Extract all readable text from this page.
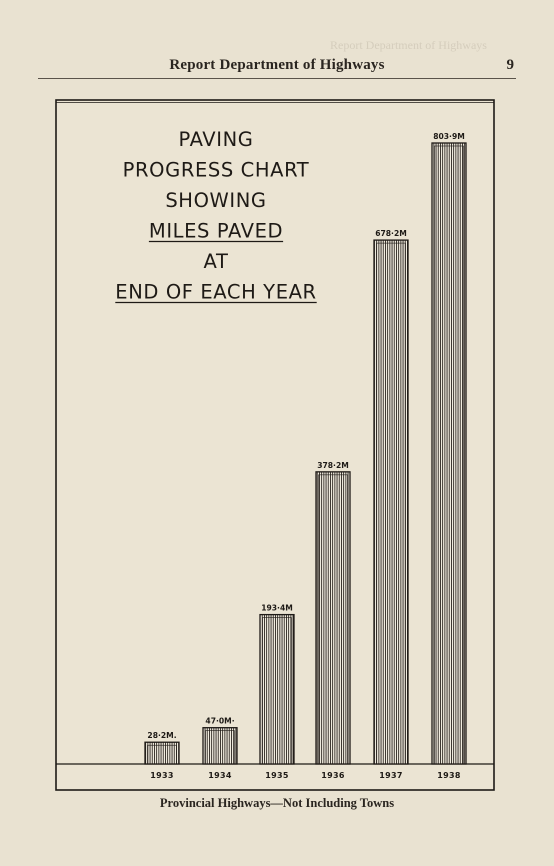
Report Department of Highways
Report Department of Highways	9
PAVING
PROGRESS CHART
SHOWING
MILES PAVED
AT
END OF EACH YEAR
28·2M.
47·0M·
193·4M
378·2M
678·2M
803·9M
1933	1934	1935	1936	1937	1938
Provincial Highways—Not Including Towns
